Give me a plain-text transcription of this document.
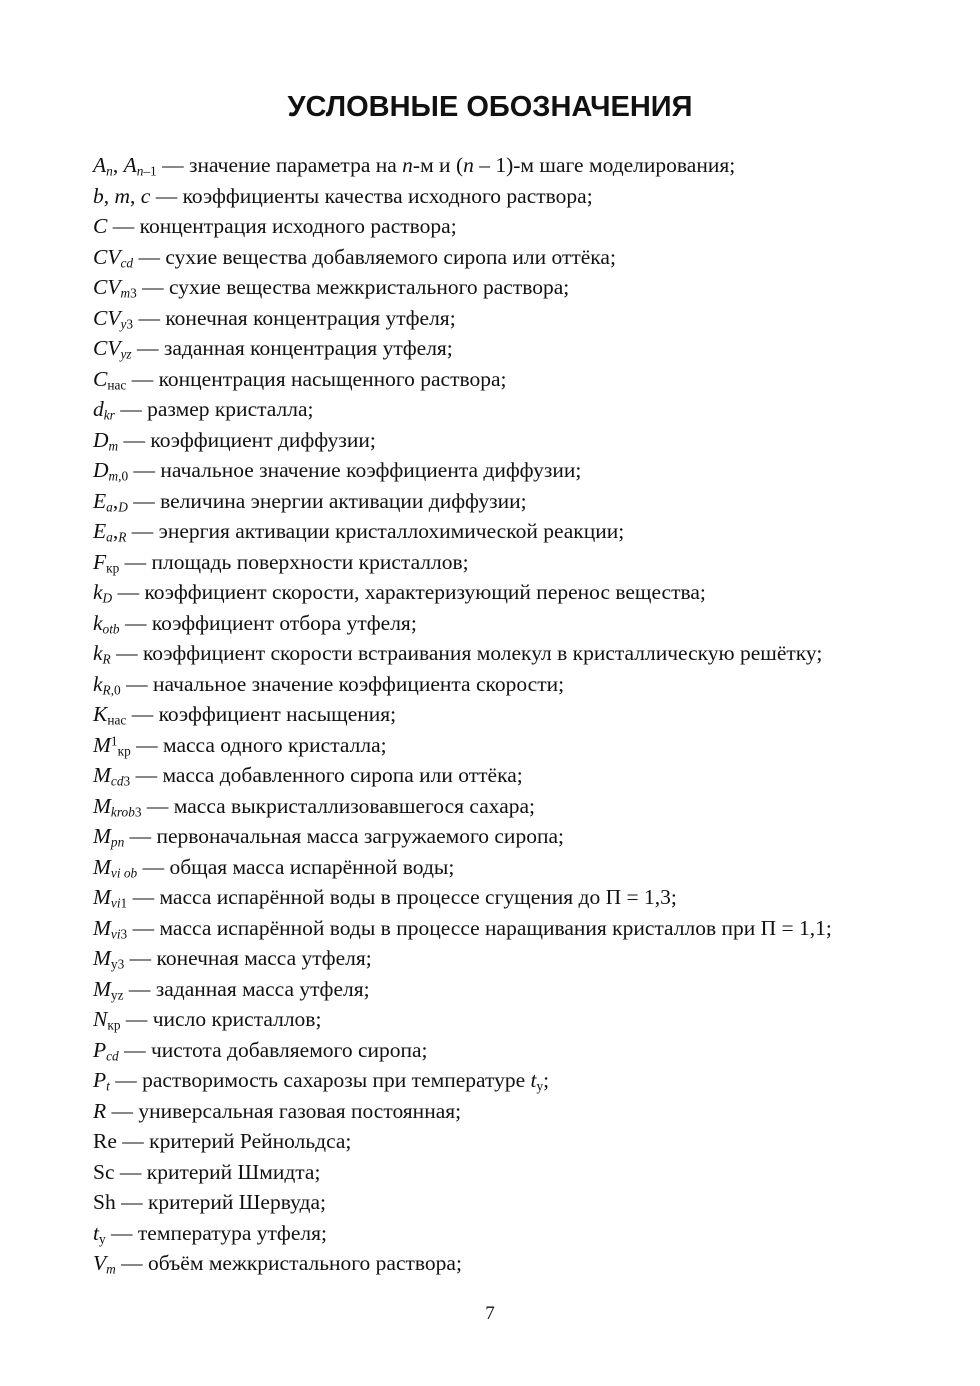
УСЛОВНЫЕ ОБОЗНАЧЕНИЯ
$A_n$, $A_{n-1}$ — значение параметра на n-м и (n – 1)-м шаге моделирования;
b, m, c — коэффициенты качества исходного раствора;
C — концентрация исходного раствора;
$CV_{cd}$ — сухие вещества добавляемого сиропа или оттёка;
$CV_{m3}$ — сухие вещества межкристального раствора;
$CV_{y3}$ — конечная концентрация утфеля;
$CV_{yz}$ — заданная концентрация утфеля;
$C_{нас}$ — концентрация насыщенного раствора;
$d_{kr}$ — размер кристалла;
$D_m$ — коэффициент диффузии;
$D_{m,0}$ — начальное значение коэффициента диффузии;
$E_a,_D$ — величина энергии активации диффузии;
$E_a,_R$ — энергия активации кристаллохимической реакции;
$F_{кр}$ — площадь поверхности кристаллов;
$k_D$ — коэффициент скорости, характеризующий перенос вещества;
$k_{otb}$ — коэффициент отбора утфеля;
$k_R$ — коэффициент скорости встраивания молекул в кристаллическую решётку;
$k_{R,0}$ — начальное значение коэффициента скорости;
$K_{нас}$ — коэффициент насыщения;
$M^1_{кр}$ — масса одного кристалла;
$M_{cd3}$ — масса добавленного сиропа или оттёка;
$M_{krob3}$ — масса выкристаллизовавшегося сахара;
$M_{pn}$ — первоначальная масса загружаемого сиропа;
$M_{vi ob}$ — общая масса испарённой воды;
$M_{vi1}$ — масса испарённой воды в процессе сгущения до П = 1,3;
$M_{vi3}$ — масса испарённой воды в процессе наращивания кристаллов при П = 1,1;
$M_{у3}$ — конечная масса утфеля;
$M_{уz}$ — заданная масса утфеля;
$N_{кр}$ — число кристаллов;
$P_{cd}$ — чистота добавляемого сиропа;
$P_t$ — растворимость сахарозы при температуре $t_у$;
R — универсальная газовая постоянная;
Re — критерий Рейнольдса;
Sc — критерий Шмидта;
Sh — критерий Шервуда;
$t_у$ — температура утфеля;
$V_m$ — объём межкристального раствора;
7
